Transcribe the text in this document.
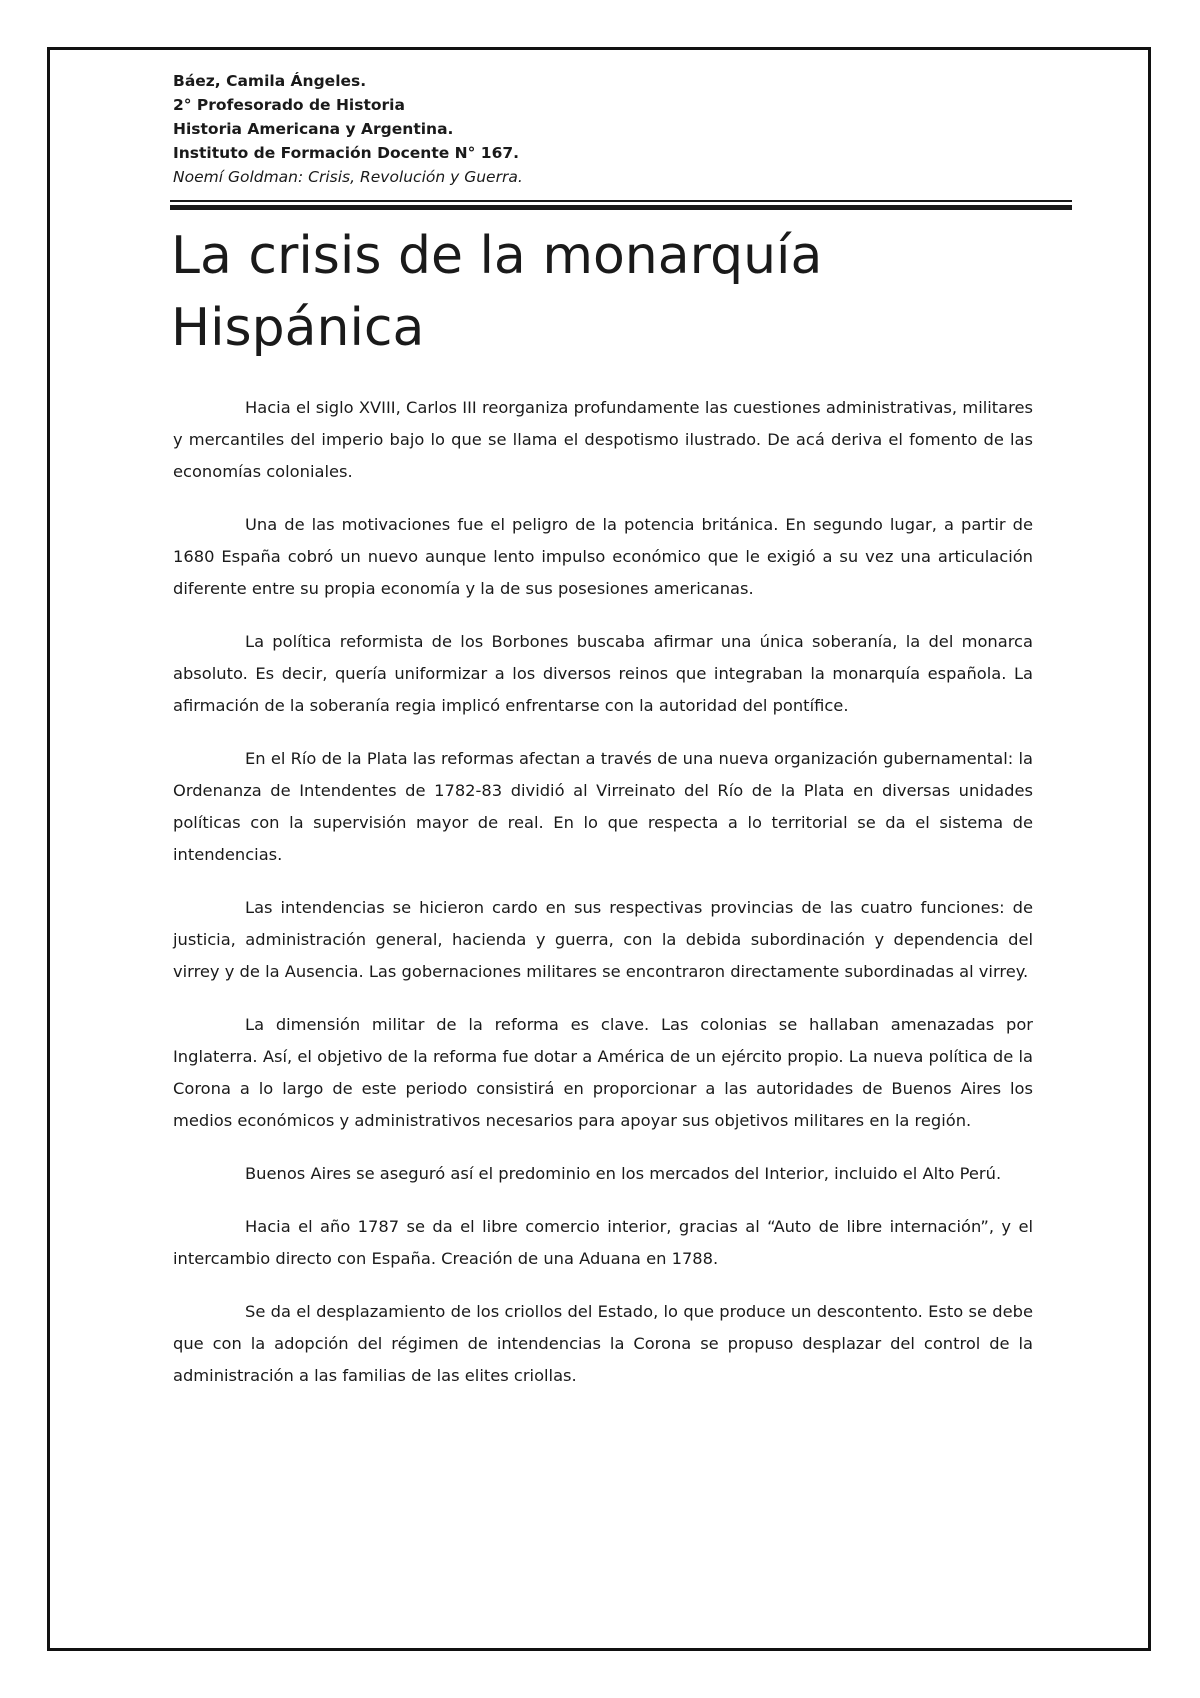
Báez, Camila Ángeles.
2° Profesorado de Historia
Historia Americana y Argentina.
Instituto de Formación Docente N° 167.
Noemí Goldman: Crisis, Revolución y Guerra.
La crisis de la monarquía Hispánica

Hacia el siglo XVIII, Carlos III reorganiza profundamente las cuestiones administrativas, militares y mercantiles del imperio bajo lo que se llama el despotismo ilustrado. De acá deriva el fomento de las economías coloniales.

Una de las motivaciones fue el peligro de la potencia británica. En segundo lugar, a partir de 1680 España cobró un nuevo aunque lento impulso económico que le exigió a su vez una articulación diferente entre su propia economía y la de sus posesiones americanas.

La política reformista de los Borbones buscaba afirmar una única soberanía, la del monarca absoluto. Es decir, quería uniformizar a los diversos reinos que integraban la monarquía española. La afirmación de la soberanía regia implicó enfrentarse con la autoridad del pontífice.

En el Río de la Plata las reformas afectan a través de una nueva organización gubernamental: la Ordenanza de Intendentes de 1782-83 dividió al Virreinato del Río de la Plata en diversas unidades políticas con la supervisión mayor de real. En lo que respecta a lo territorial se da el sistema de intendencias.

Las intendencias se hicieron cardo en sus respectivas provincias de las cuatro funciones: de justicia, administración general, hacienda y guerra, con la debida subordinación y dependencia del virrey y de la Ausencia. Las gobernaciones militares se encontraron directamente subordinadas al virrey.

La dimensión militar de la reforma es clave. Las colonias se hallaban amenazadas por Inglaterra. Así, el objetivo de la reforma fue dotar a América de un ejército propio. La nueva política de la Corona a lo largo de este periodo consistirá en proporcionar a las autoridades de Buenos Aires los medios económicos y administrativos necesarios para apoyar sus objetivos militares en la región.

Buenos Aires se aseguró así el predominio en los mercados del Interior, incluido el Alto Perú.

Hacia el año 1787 se da el libre comercio interior, gracias al “Auto de libre internación”, y el intercambio directo con España. Creación de una Aduana en 1788.

Se da el desplazamiento de los criollos del Estado, lo que produce un descontento. Esto se debe que con la adopción del régimen de intendencias la Corona se propuso desplazar del control de la administración a las familias de las elites criollas.
